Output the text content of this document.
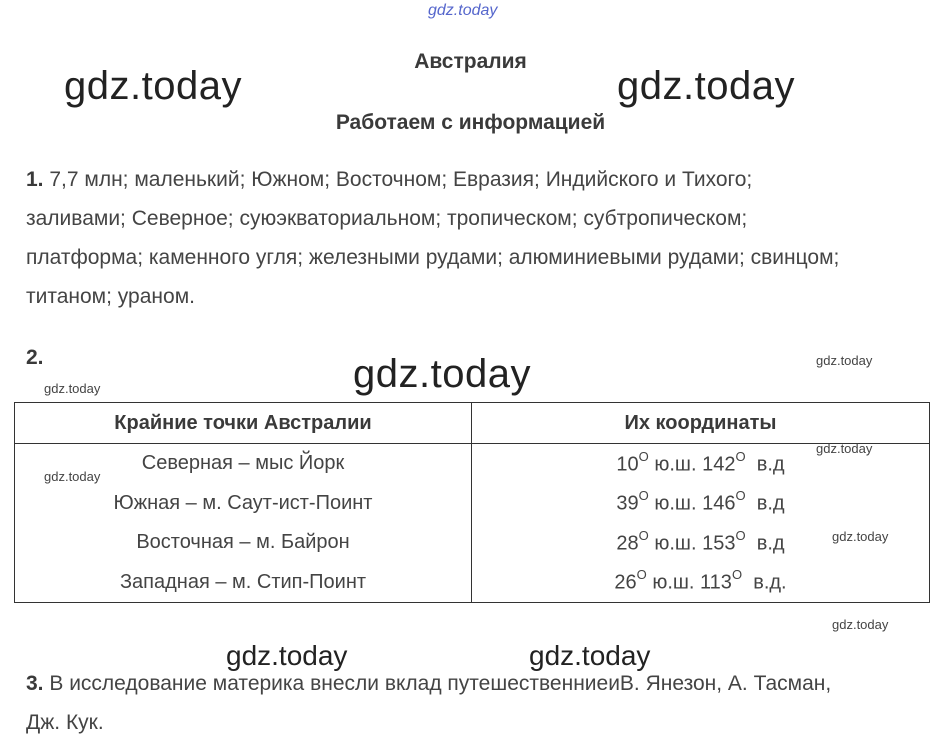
gdz.today
Австралия
Работаем с информацией
gdz.today	gdz.today
1. 7,7 млн; маленький; Южном; Восточном; Евразия; Индийского и Тихого;
заливами; Северное; суюэкваториальном; тропическом; субтропическом;
платформа; каменного угля; железными рудами; алюминиевыми рудами; свинцом;
титаном; ураном.
2.	gdz.today
gdz.today
gdz.today
Крайние точки Австралии	Их координаты
Северная – мыс Йорк	$10^O$ ю.ш. $142^O$ в.д
Южная – м. Саут-ист-Поинт	$39^O$ ю.ш. $146^O$ в.д
Восточная – м. Байрон	$28^O$ ю.ш. $153^O$ в.д
Западная – м. Стип-Поинт	$26^O$ ю.ш. $113^O$ в.д.
gdz.today
gdz.today
gdz.today
gdz.today
gdz.today	gdz.today
3. В исследование материка внесли вклад путешественниеиВ. Янезон, А. Тасман,
Дж. Кук.
